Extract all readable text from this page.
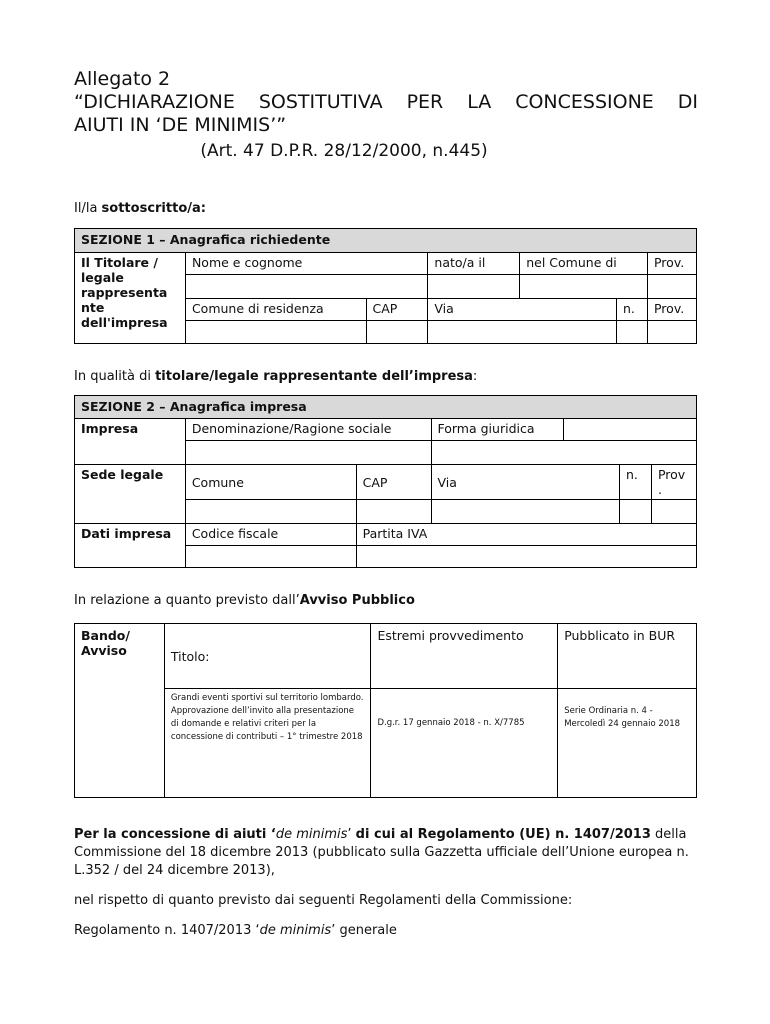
Allegato 2
“DICHIARAZIONE SOSTITUTIVA PER LA CONCESSIONE DI
AIUTI IN ‘DE MINIMIS’”
(Art. 47 D.P.R. 28/12/2000, n.445)
Il/la sottoscritto/a:
SEZIONE 1 – Anagrafica richiedente						
Il Titolare / legale rappresenta nte dell'impresa	Nome e cognome		nato/a il	nel Comune di		Prov.

	Comune di residenza	CAP	Via		n.	Prov.

In qualità di titolare/legale rappresentante dell’impresa:
SEZIONE 2 – Anagrafica impresa						
Impresa	Denominazione/Ragione sociale		Forma giuridica			

Sede legale	Comune	CAP	Via		n.	Prov .

Dati impresa	Codice fiscale	Partita IVA				

In relazione a quanto previsto dall’Avviso Pubblico
Bando/ Avviso	Titolo:	Estremi provvedimento	Pubblicato in BUR
	Grandi eventi sportivi sul territorio lombardo. Approvazione dell’invito alla presentazione di domande e relativi criteri per la concessione di contributi – 1° trimestre 2018	D.g.r. 17 gennaio 2018 - n. X/7785	Serie Ordinaria n. 4 - Mercoledì 24 gennaio 2018

Per la concessione di aiuti ‘de minimis’ di cui al Regolamento (UE) n. 1407/2013 della Commissione del 18 dicembre 2013 (pubblicato sulla Gazzetta ufficiale dell’Unione europea n. L.352 / del 24 dicembre 2013),

nel rispetto di quanto previsto dai seguenti Regolamenti della Commissione:

Regolamento n. 1407/2013 ‘de minimis’ generale
